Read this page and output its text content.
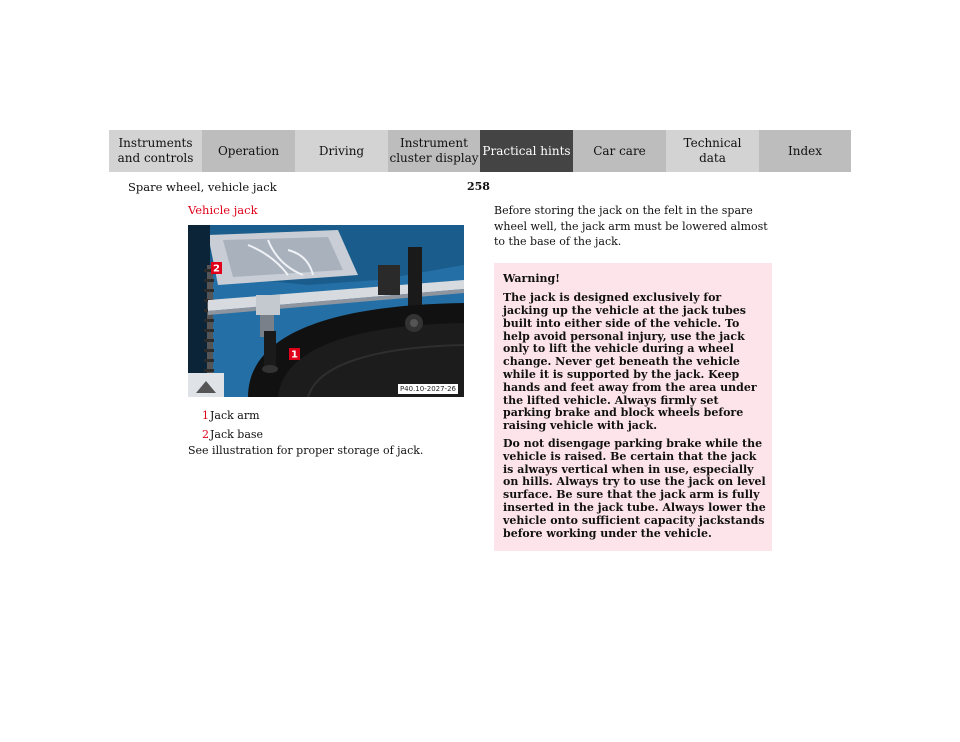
Instruments
and controls
Operation	Driving
Instrument
cluster display
Practical hints Car care
Technical
data
Index
258
Spare wheel, vehicle jack
Vehicle jack
2
1
P40.10-2027-26
1 Jack arm
2 Jack base
See illustration for proper storage of jack.

Before storing the jack on the felt in the spare wheel well, the jack arm must be lowered almost to the base of the jack.

Warning!

The jack is designed exclusively for jacking up the vehicle at the jack tubes built into either side of the vehicle. To help avoid personal injury, use the jack only to lift the vehicle during a wheel change. Never get beneath the vehicle while it is supported by the jack. Keep hands and feet away from the area under the lifted vehicle. Always firmly set parking brake and block wheels before raising vehicle with jack.

Do not disengage parking brake while the vehicle is raised. Be certain that the jack is always vertical when in use, especially on hills. Always try to use the jack on level surface. Be sure that the jack arm is fully inserted in the jack tube. Always lower the vehicle onto sufficient capacity jackstands before working under the vehicle.
